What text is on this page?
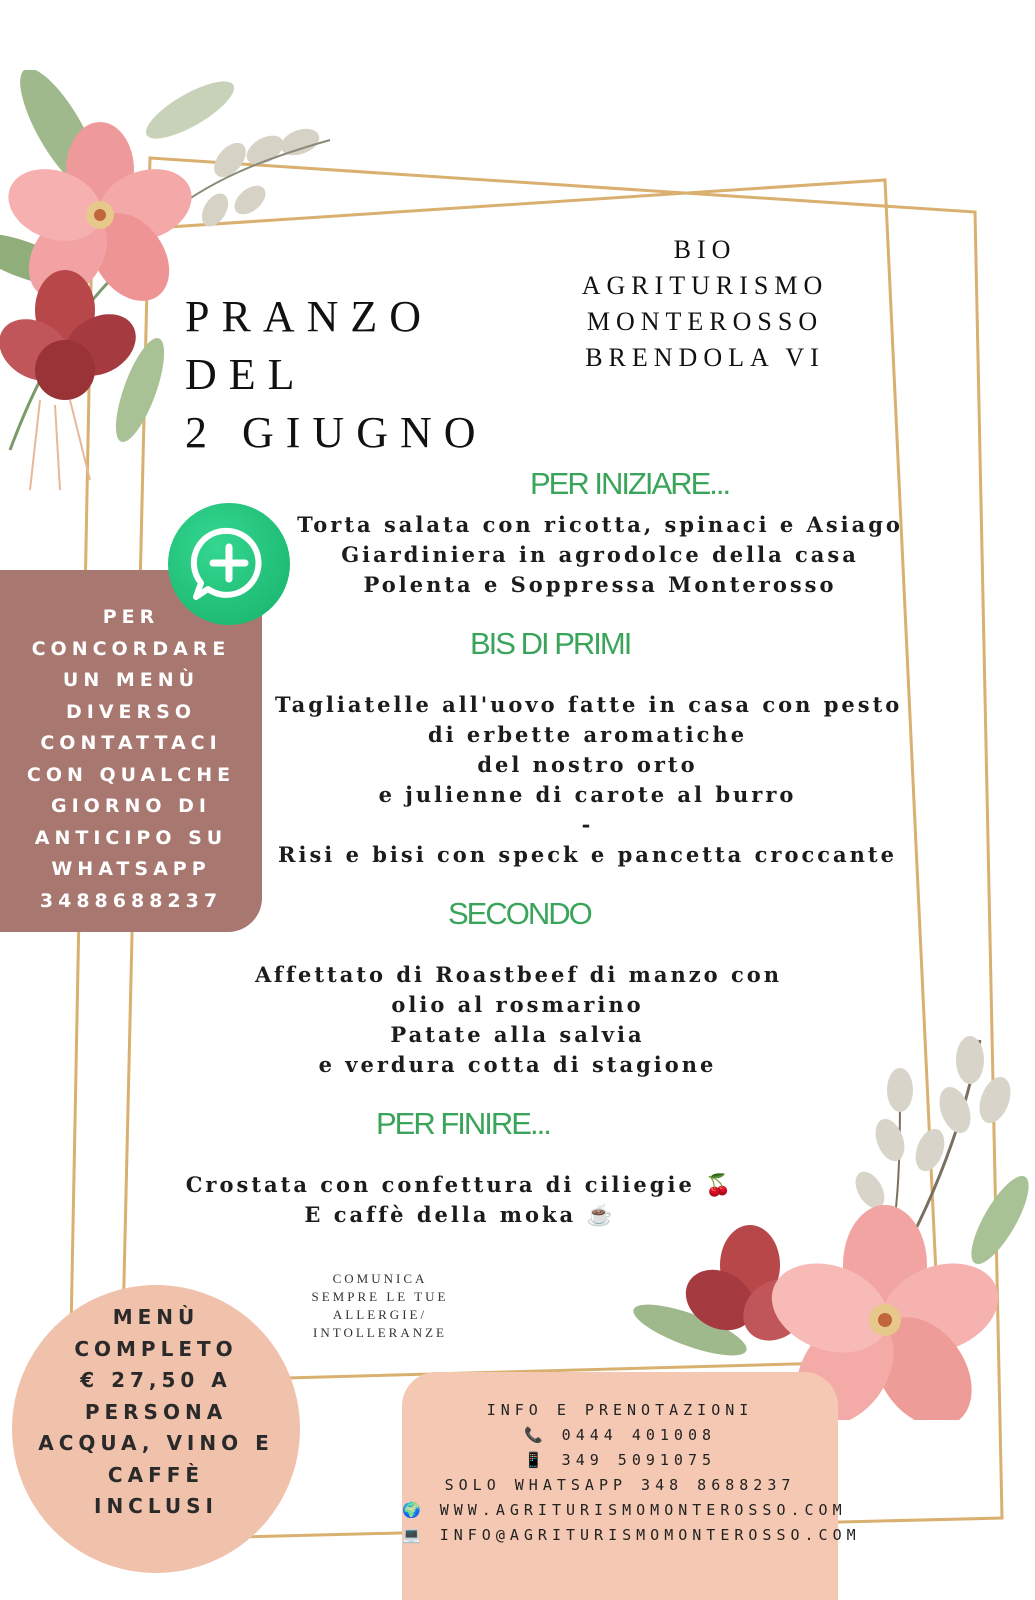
PRANZO
DEL
2 GIUGNO
BIO
AGRITURISMO
MONTEROSSO
BRENDOLA VI
PER INIZIARE...
Torta salata con ricotta, spinaci e Asiago
Giardiniera in agrodolce della casa
Polenta e Soppressa Monterosso
BIS DI PRIMI
Tagliatelle all'uovo fatte in casa con pesto
di erbette aromatiche
del nostro orto
e julienne di carote al burro
-
Risi e bisi con speck e pancetta croccante
SECONDO
Affettato di Roastbeef di manzo con
olio al rosmarino
Patate alla salvia
e verdura cotta di stagione
PER FINIRE...
Crostata con confettura di ciliegie 🍒
E caffè della moka ☕
COMUNICA
SEMPRE LE TUE
ALLERGIE/
INTOLLERANZE
PER
CONCORDARE
UN MENÙ
DIVERSO
CONTATTACI
CON QUALCHE
GIORNO DI
ANTICIPO SU
WHATSAPP
3488688237
MENÙ
COMPLETO
€ 27,50 A
PERSONA
ACQUA, VINO E
CAFFÈ
INCLUSI
INFO E PRENOTAZIONI
📞 0444 401008
📱 349 5091075
SOLO WHATSAPP 348 8688237
🌍 WWW.AGRITURISMOMONTEROSSO.COM
💻 INFO@AGRITURISMOMONTEROSSO.COM
